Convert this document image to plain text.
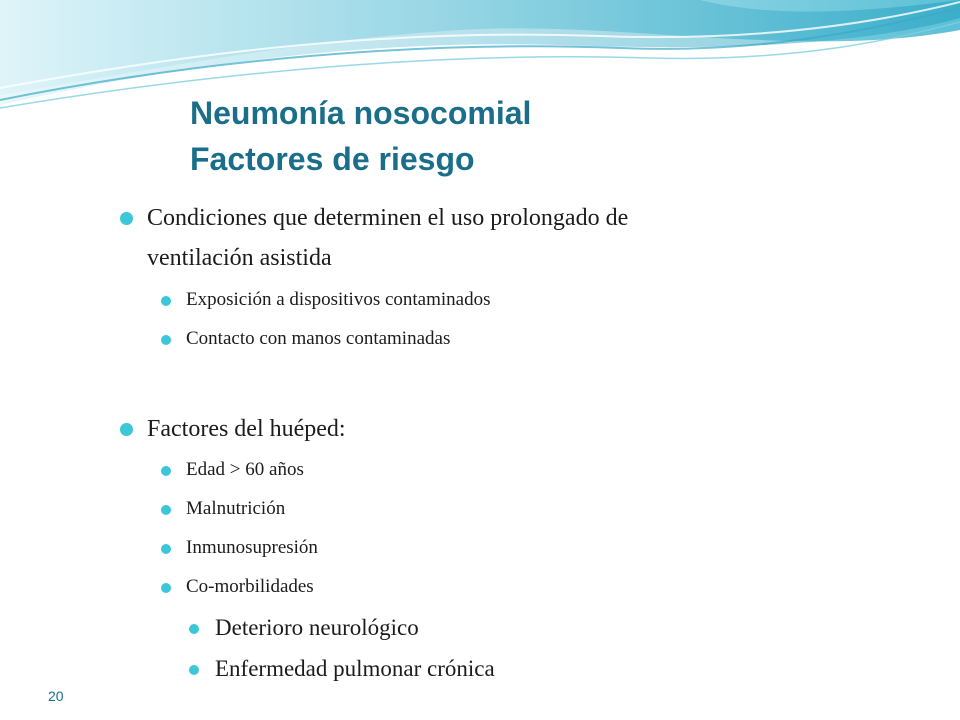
Neumonía nosocomial
Factores de riesgo
Condiciones que determinen el uso prolongado de
ventilación asistida
Exposición a dispositivos contaminados
Contacto con manos contaminadas
Factores del huéped:
Edad > 60 años
Malnutrición
Inmunosupresión
Co-morbilidades
Deterioro neurológico
Enfermedad pulmonar crónica
20
